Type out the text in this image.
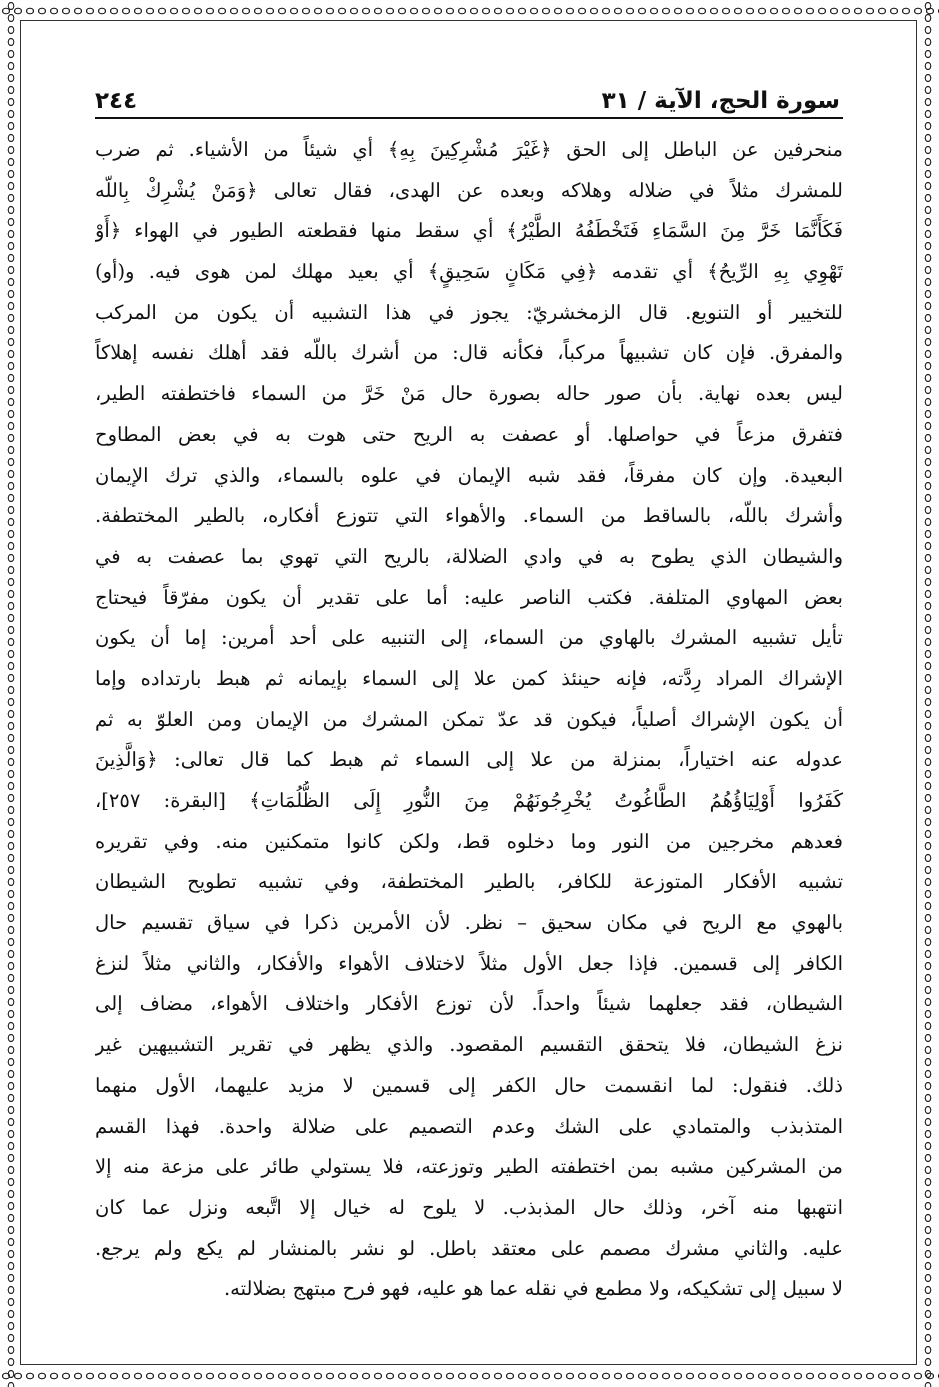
سورة الحج، الآية / ٣١
٢٤٤
منحرفين عن الباطل إلى الحق ﴿غَيْرَ مُشْرِكِينَ بِهِ﴾ أي شيئاً من الأشياء. ثم ضرب
للمشرك مثلاً في ضلاله وهلاكه وبعده عن الهدى، فقال تعالى ﴿وَمَنْ يُشْرِكْ بِاللّه
فَكَأَنَّمَا خَرَّ مِنَ السَّمَاءِ فَتَخْطَفُهُ الطَّيْرُ﴾ أي سقط منها فقطعته الطيور في الهواء ﴿أَوْ
تَهْوِي بِهِ الرِّيحُ﴾ أي تقدمه ﴿فِي مَكَانٍ سَحِيقٍ﴾ أي بعيد مهلك لمن هوى فيه. و(أو)
للتخيير أو التنويع. قال الزمخشريّ: يجوز في هذا التشبيه أن يكون من المركب
والمفرق. فإن كان تشبيهاً مركباً، فكأنه قال: من أشرك باللّه فقد أهلك نفسه إهلاكاً
ليس بعده نهاية. بأن صور حاله بصورة حال مَنْ خَرَّ من السماء فاختطفته الطير،
فتفرق مزعاً في حواصلها. أو عصفت به الريح حتى هوت به في بعض المطاوح
البعيدة. وإن كان مفرقاً، فقد شبه الإيمان في علوه بالسماء، والذي ترك الإيمان
وأشرك باللّه، بالساقط من السماء. والأهواء التي تتوزع أفكاره، بالطير المختطفة.
والشيطان الذي يطوح به في وادي الضلالة، بالريح التي تهوي بما عصفت به في
بعض المهاوي المتلفة. فكتب الناصر عليه: أما على تقدير أن يكون مفرّقاً فيحتاج
تأيل تشبيه المشرك بالهاوي من السماء، إلى التنبيه على أحد أمرين: إما أن يكون
الإشراك المراد رِدَّته، فإنه حينئذ كمن علا إلى السماء بإيمانه ثم هبط بارتداده وإما
أن يكون الإشراك أصلياً، فيكون قد عدّ تمكن المشرك من الإيمان ومن العلوّ به ثم
عدوله عنه اختياراً، بمنزلة من علا إلى السماء ثم هبط كما قال تعالى: ﴿وَالَّذِينَ
كَفَرُوا أَوْلِيَاؤُهُمُ الطَّاغُوتُ يُخْرِجُونَهُمْ مِنَ النُّورِ إِلَى الظُّلُمَاتِ﴾ [البقرة: ٢٥٧]،
فعدهم مخرجين من النور وما دخلوه قط، ولكن كانوا متمكنين منه. وفي تقريره
تشبيه الأفكار المتوزعة للكافر، بالطير المختطفة، وفي تشبيه تطويح الشيطان
بالهوي مع الريح في مكان سحيق – نظر. لأن الأمرين ذكرا في سياق تقسيم حال
الكافر إلى قسمين. فإذا جعل الأول مثلاً لاختلاف الأهواء والأفكار، والثاني مثلاً لنزغ
الشيطان، فقد جعلهما شيئاً واحداً. لأن توزع الأفكار واختلاف الأهواء، مضاف إلى
نزغ الشيطان، فلا يتحقق التقسيم المقصود. والذي يظهر في تقرير التشبيهين غير
ذلك. فنقول: لما انقسمت حال الكفر إلى قسمين لا مزيد عليهما، الأول منهما
المتذبذب والمتمادي على الشك وعدم التصميم على ضلالة واحدة. فهذا القسم
من المشركين مشبه بمن اختطفته الطير وتوزعته، فلا يستولي طائر على مزعة منه إلا
انتهبها منه آخر، وذلك حال المذبذب. لا يلوح له خيال إلا اتَّبعه ونزل عما كان
عليه. والثاني مشرك مصمم على معتقد باطل. لو نشر بالمنشار لم يكع ولم يرجع.
لا سبيل إلى تشكيكه، ولا مطمع في نقله عما هو عليه، فهو فرح مبتهج بضلالته.
